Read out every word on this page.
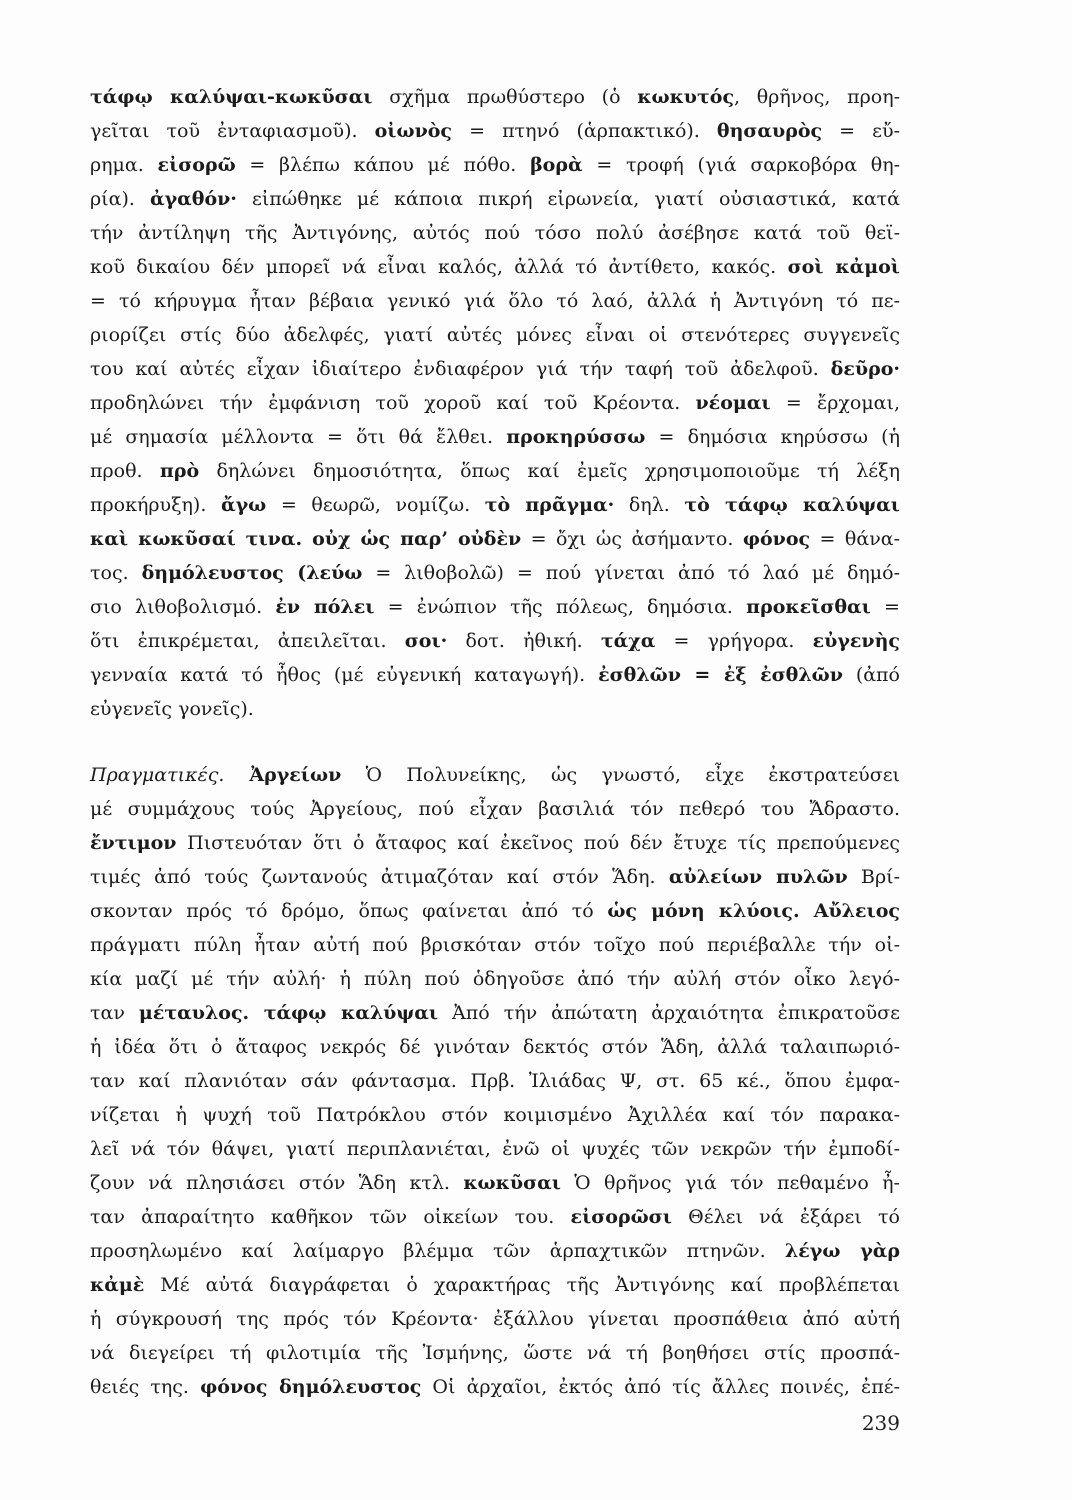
τάφῳ καλύψαι-κωκῦσαι σχῆμα πρωθύστερο (ὁ κωκυτός, θρῆνος, προη-
γεῖται τοῦ ἐνταφιασμοῦ). οἰωνὸς = πτηνό (ἁρπακτικό). θησαυρὸς = εὔ-
ρημα. εἰσορῶ = βλέπω κάπου μέ πόθο. βορὰ = τροφή (γιά σαρκοβόρα θη-
ρία). ἀγαθόν· εἰπώθηκε μέ κάποια πικρή εἰρωνεία, γιατί οὐσιαστικά, κατά
τήν ἀντίληψη τῆς Ἀντιγόνης, αὐτός πού τόσο πολύ ἀσέβησε κατά τοῦ θεϊ-
κοῦ δικαίου δέν μπορεῖ νά εἶναι καλός, ἀλλά τό ἀντίθετο, κακός. σοὶ κἀμοὶ
= τό κήρυγμα ἦταν βέβαια γενικό γιά ὅλο τό λαό, ἀλλά ἡ Ἀντιγόνη τό πε-
ριορίζει στίς δύο ἀδελφές, γιατί αὐτές μόνες εἶναι οἱ στενότερες συγγενεῖς
του καί αὐτές εἶχαν ἰδιαίτερο ἐνδιαφέρον γιά τήν ταφή τοῦ ἀδελφοῦ. δεῦρο·
προδηλώνει τήν ἐμφάνιση τοῦ χοροῦ καί τοῦ Κρέοντα. νέομαι = ἔρχομαι,
μέ σημασία μέλλοντα = ὅτι θά ἔλθει. προκηρύσσω = δημόσια κηρύσσω (ἡ
προθ. πρὸ δηλώνει δημοσιότητα, ὅπως καί ἐμεῖς χρησιμοποιοῦμε τή λέξη
προκήρυξη). ἄγω = θεωρῶ, νομίζω. τὸ πρᾶγμα· δηλ. τὸ τάφῳ καλύψαι
καὶ κωκῦσαί τινα. οὐχ ὡς παρ’ οὐδὲν = ὄχι ὡς ἀσήμαντο. φόνος = θάνα-
τος. δημόλευστος (λεύω = λιθοβολῶ) = πού γίνεται ἀπό τό λαό μέ δημό-
σιο λιθοβολισμό. ἐν πόλει = ἐνώπιον τῆς πόλεως, δημόσια. προκεῖσθαι =
ὅτι ἐπικρέμεται, ἀπειλεῖται. σοι· δοτ. ἠθική. τάχα = γρήγορα. εὐγενὴς
γενναία κατά τό ἦθος (μέ εὐγενική καταγωγή). ἐσθλῶν = ἐξ ἐσθλῶν (ἀπό
εὐγενεῖς γονεῖς).
Πραγματικές. Ἀργείων Ὁ Πολυνείκης, ὡς γνωστό, εἶχε ἐκστρατεύσει
μέ συμμάχους τούς Ἀργείους, πού εἶχαν βασιλιά τόν πεθερό του Ἄδραστο.
ἔντιμον Πιστευόταν ὅτι ὁ ἄταφος καί ἐκεῖνος πού δέν ἔτυχε τίς πρεπούμενες
τιμές ἀπό τούς ζωντανούς ἀτιμαζόταν καί στόν Ἅδη. αὐλείων πυλῶν Βρί-
σκονταν πρός τό δρόμο, ὅπως φαίνεται ἀπό τό ὡς μόνη κλύοις. Αὔλειος
πράγματι πύλη ἦταν αὐτή πού βρισκόταν στόν τοῖχο πού περιέβαλλε τήν οἰ-
κία μαζί μέ τήν αὐλή· ἡ πύλη πού ὁδηγοῦσε ἀπό τήν αὐλή στόν οἶκο λεγό-
ταν μέταυλος. τάφῳ καλύψαι Ἀπό τήν ἀπώτατη ἀρχαιότητα ἐπικρατοῦσε
ἡ ἰδέα ὅτι ὁ ἄταφος νεκρός δέ γινόταν δεκτός στόν Ἅδη, ἀλλά ταλαιπωριό-
ταν καί πλανιόταν σάν φάντασμα. Πρβ. Ἰλιάδας Ψ, στ. 65 κέ., ὅπου ἐμφα-
νίζεται ἡ ψυχή τοῦ Πατρόκλου στόν κοιμισμένο Ἀχιλλέα καί τόν παρακα-
λεῖ νά τόν θάψει, γιατί περιπλανιέται, ἐνῶ οἱ ψυχές τῶν νεκρῶν τήν ἐμποδί-
ζουν νά πλησιάσει στόν Ἅδη κτλ. κωκῦσαι Ὁ θρῆνος γιά τόν πεθαμένο ἦ-
ταν ἀπαραίτητο καθῆκον τῶν οἰκείων του. εἰσορῶσι Θέλει νά ἐξάρει τό
προσηλωμένο καί λαίμαργο βλέμμα τῶν ἁρπαχτικῶν πτηνῶν. λέγω γὰρ
κἀμὲ Μέ αὐτά διαγράφεται ὁ χαρακτήρας τῆς Ἀντιγόνης καί προβλέπεται
ἡ σύγκρουσή της πρός τόν Κρέοντα· ἐξάλλου γίνεται προσπάθεια ἀπό αὐτή
νά διεγείρει τή φιλοτιμία τῆς Ἰσμήνης, ὥστε νά τή βοηθήσει στίς προσπά-
θειές της. φόνος δημόλευστος Οἱ ἀρχαῖοι, ἐκτός ἀπό τίς ἄλλες ποινές, ἐπέ-
239
